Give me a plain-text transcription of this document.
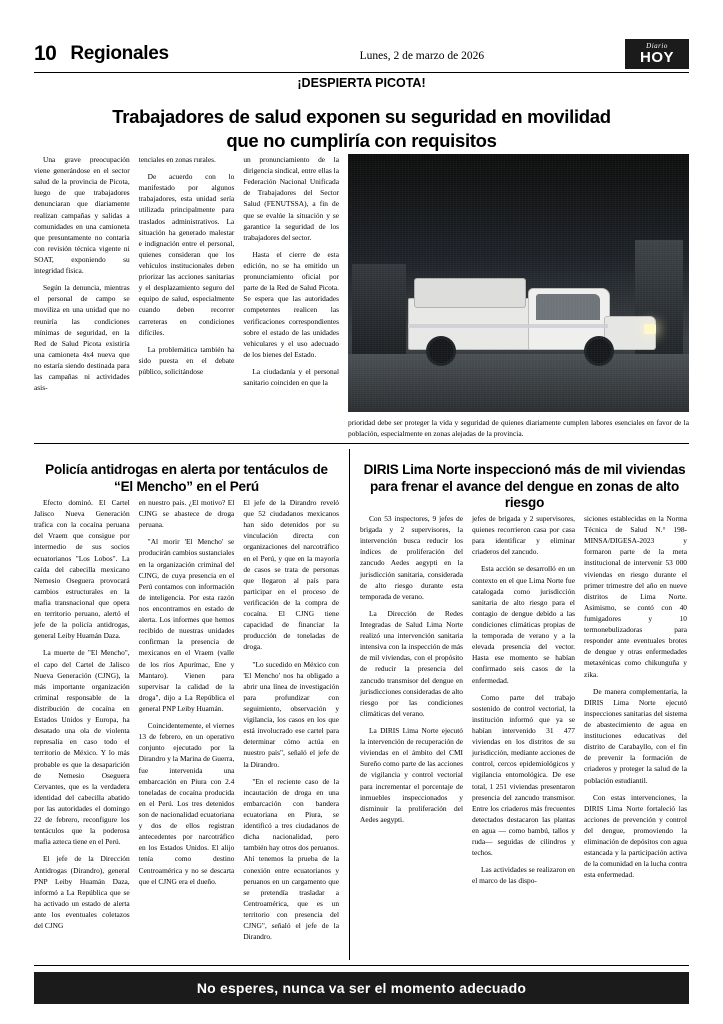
10 Regionales	Lunes, 2 de marzo de 2026
Diario
HOY
¡DESPIERTA PICOTA!
Trabajadores de salud exponen su seguridad en movilidad que no cumpliría con requisitos

Una grave preocupación viene generándose en el sector salud de la provincia de Picota, luego de que trabajadores denunciaran que diariamente realizan campañas y salidas a comunidades en una camioneta que presuntamente no contaría con revisión técnica vigente ni SOAT, exponiendo su integridad física.

Según la denuncia, mientras el personal de campo se moviliza en una unidad que no reuniría las condiciones mínimas de seguridad, en la Red de Salud Picota existiría una camioneta 4x4 nueva que no estaría siendo destinada para las campañas ni actividades asis-

tenciales en zonas rurales.

De acuerdo con lo manifestado por algunos trabajadores, esta unidad sería utilizada principalmente para traslados administrativos. La situación ha generado malestar e indignación entre el personal, quienes consideran que los vehículos institucionales deben priorizar las acciones sanitarias y el desplazamiento seguro del equipo de salud, especialmente cuando deben recorrer carreteras en condiciones difíciles.

La problemática también ha sido puesta en el debate público, solicitándose

un pronunciamiento de la dirigencia sindical, entre ellas la Federación Nacional Unificada de Trabajadores del Sector Salud (FENUTSSA), a fin de que se evalúe la situación y se garantice la seguridad de los trabajadores del sector.

Hasta el cierre de esta edición, no se ha emitido un pronunciamiento oficial por parte de la Red de Salud Picota. Se espera que las autoridades competentes realicen las verificaciones correspondientes sobre el estado de las unidades vehiculares y el uso adecuado de los bienes del Estado.

La ciudadanía y el personal sanitario coinciden en que la

prioridad debe ser proteger la vida y seguridad de quienes diariamente cumplen labores esenciales en favor de la población, especialmente en zonas alejadas de la provincia.
Policía antidrogas en alerta por tentáculos de “El Mencho” en el Perú

Efecto dominó. El Cartel Jalisco Nueva Generación trafica con la cocaína peruana del Vraem que consigue por intermedio de sus socios ecuatorianos "Los Lobos". La caída del cabecilla mexicano Nemesio Oseguera provocará cambios estructurales en la mafia transnacional que opera en territorio peruano, alertó el jefe de la policía antidrogas, general Leiby Huamán Daza.

La muerte de "El Mencho", el capo del Cartel de Jalisco Nueva Generación (CJNG), la más importante organización criminal responsable de la distribución de cocaína en Estados Unidos y Europa, ha desatado una ola de violenta represalia en caso todo el territorio de México. Y lo más probable es que la desaparición de Nemesio Oseguera Cervantes, que es la verdadera identidad del cabecilla abatido por las autoridades el domingo 22 de febrero, reconfigure los tentáculos que la poderosa mafia azteca tiene en el Perú.

El jefe de la Dirección Antidrogas (Dirandro), general PNP Leiby Huamán Daza, informó a La República que se ha activado un estado de alerta ante los eventuales coletazos del CJNG

en nuestro país. ¿El motivo? El CJNG se abastece de droga peruana.

"Al morir 'El Mencho' se producirán cambios sustanciales en la organización criminal del CJNG, de cuya presencia en el Perú contamos con información de inteligencia. Por esta razón nos encontramos en estado de alerta. Los informes que hemos recibido de nuestras unidades confirman la presencia de mexicanos en el Vraem (valle de los ríos Apurímac, Ene y Mantaro). Vienen para supervisar la calidad de la droga", dijo a La República el general PNP Leiby Huamán.

Coincidentemente, el viernes 13 de febrero, en un operativo conjunto ejecutado por la Dirandro y la Marina de Guerra, fue intervenida una embarcación en Piura con 2.4 toneladas de cocaína producida en el Perú. Los tres detenidos son de nacionalidad ecuatoriana y dos de ellos registran antecedentes por narcotráfico en los Estados Unidos. El alijo tenía como destino Centroamérica y no se descarta que el CJNG era el dueño.

El jefe de la Dirandro reveló que 52 ciudadanos mexicanos han sido detenidos por su vinculación directa con organizaciones del narcotráfico en el Perú, y que en la mayoría de casos se trata de personas que llegaron al país para participar en el proceso de verificación de la compra de cocaína. El CJNG tiene capacidad de financiar la producción de toneladas de droga.

"Lo sucedido en México con 'El Mencho' nos ha obligado a abrir una línea de investigación para profundizar con seguimiento, observación y vigilancia, los casos en los que está involucrado ese cartel para determinar cómo actúa en nuestro país", señaló el jefe de la Dirandro.

"En el reciente caso de la incautación de droga en una embarcación con bandera ecuatoriana en Piura, se identificó a tres ciudadanos de dicha nacionalidad, pero también hay otros dos peruanos. Ahí tenemos la prueba de la conexión entre ecuatorianos y peruanos en un cargamento que se pretendía trasladar a Centroamérica, que es un territorio con presencia del CJNG", señaló el jefe de la Dirandro.

DIRIS Lima Norte inspeccionó más de mil viviendas para frenar el avance del dengue en zonas de alto riesgo

Con 53 inspectores, 9 jefes de brigada y 2 supervisores, la intervención busca reducir los índices de proliferación del zancudo Aedes aegypti en la jurisdicción sanitaria, considerada de alto riesgo durante esta temporada de verano.

La Dirección de Redes Integradas de Salud Lima Norte realizó una intervención sanitaria intensiva con la inspección de más de mil viviendas, con el propósito de reducir la presencia del zancudo transmisor del dengue en jurisdicciones consideradas de alto riesgo por las condiciones climáticas del verano.

La DIRIS Lima Norte ejecutó la intervención de recuperación de viviendas en el ámbito del CMI Sureño como parte de las acciones de vigilancia y control vectorial para incrementar el porcentaje de inmuebles inspeccionados y disminuir la proliferación del Aedes aegypti.

jefes de brigada y 2 supervisores, quienes recorrieron casa por casa para identificar y eliminar criaderos del zancudo.

Esta acción se desarrolló en un contexto en el que Lima Norte fue catalogada como jurisdicción sanitaria de alto riesgo para el contagio de dengue debido a las condiciones climáticas propias de la temporada de verano y a la elevada presencia del vector. Hasta ese momento se habían confirmado seis casos de la enfermedad.

Como parte del trabajo sostenido de control vectorial, la institución informó que ya se habían intervenido 31 477 viviendas en los distritos de su jurisdicción, mediante acciones de control, cercos epidemiológicos y vigilancia entomológica. De ese total, 1 251 viviendas presentaron presencia del zancudo transmisor. Entre los criaderos más frecuentes detectados destacaron las plantas en agua — como bambú, tallos y ruda— seguidas de cilindros y techos.

Las actividades se realizaron en el marco de las dispo-

siciones establecidas en la Norma Técnica de Salud N.° 198-MINSA/DIGESA-2023 y formaron parte de la meta institucional de intervenir 53 000 viviendas en riesgo durante el primer trimestre del año en nueve distritos de Lima Norte. Asimismo, se contó con 40 fumigadores y 10 termonebulizadoras para responder ante eventuales brotes de dengue y otras enfermedades metaxénicas como chikunguña y zika.

De manera complementaria, la DIRIS Lima Norte ejecutó inspecciones sanitarias del sistema de abastecimiento de agua en instituciones educativas del distrito de Carabayllo, con el fin de prevenir la formación de criaderos y proteger la salud de la población estudiantil.

Con estas intervenciones, la DIRIS Lima Norte fortaleció las acciones de prevención y control del dengue, promoviendo la eliminación de depósitos con agua estancada y la participación activa de la comunidad en la lucha contra esta enfermedad.

No esperes, nunca va ser el momento adecuado
